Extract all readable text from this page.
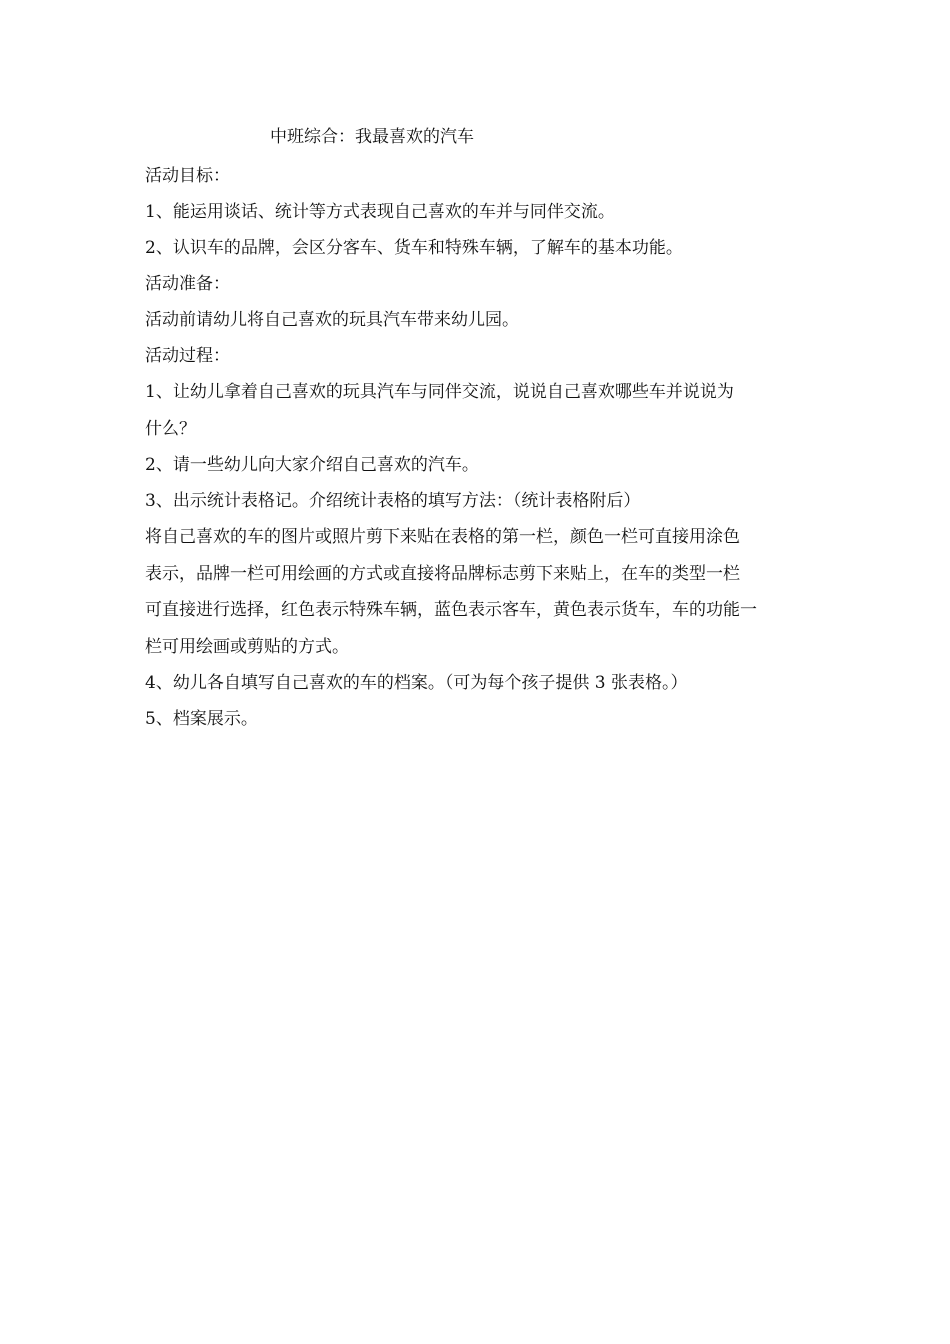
中班综合：我最喜欢的汽车
活动目标：
1、能运用谈话、统计等方式表现自己喜欢的车并与同伴交流。
2、认识车的品牌，会区分客车、货车和特殊车辆，了解车的基本功能。
活动准备：
活动前请幼儿将自己喜欢的玩具汽车带来幼儿园。
活动过程：
1、让幼儿拿着自己喜欢的玩具汽车与同伴交流，说说自己喜欢哪些车并说说为
什么？
2、请一些幼儿向大家介绍自己喜欢的汽车。
3、出示统计表格记。介绍统计表格的填写方法：（统计表格附后）
将自己喜欢的车的图片或照片剪下来贴在表格的第一栏，颜色一栏可直接用涂色
表示，品牌一栏可用绘画的方式或直接将品牌标志剪下来贴上，在车的类型一栏
可直接进行选择，红色表示特殊车辆，蓝色表示客车，黄色表示货车，车的功能一
栏可用绘画或剪贴的方式。
4、幼儿各自填写自己喜欢的车的档案。（可为每个孩子提供 3 张表格。）
5、档案展示。
